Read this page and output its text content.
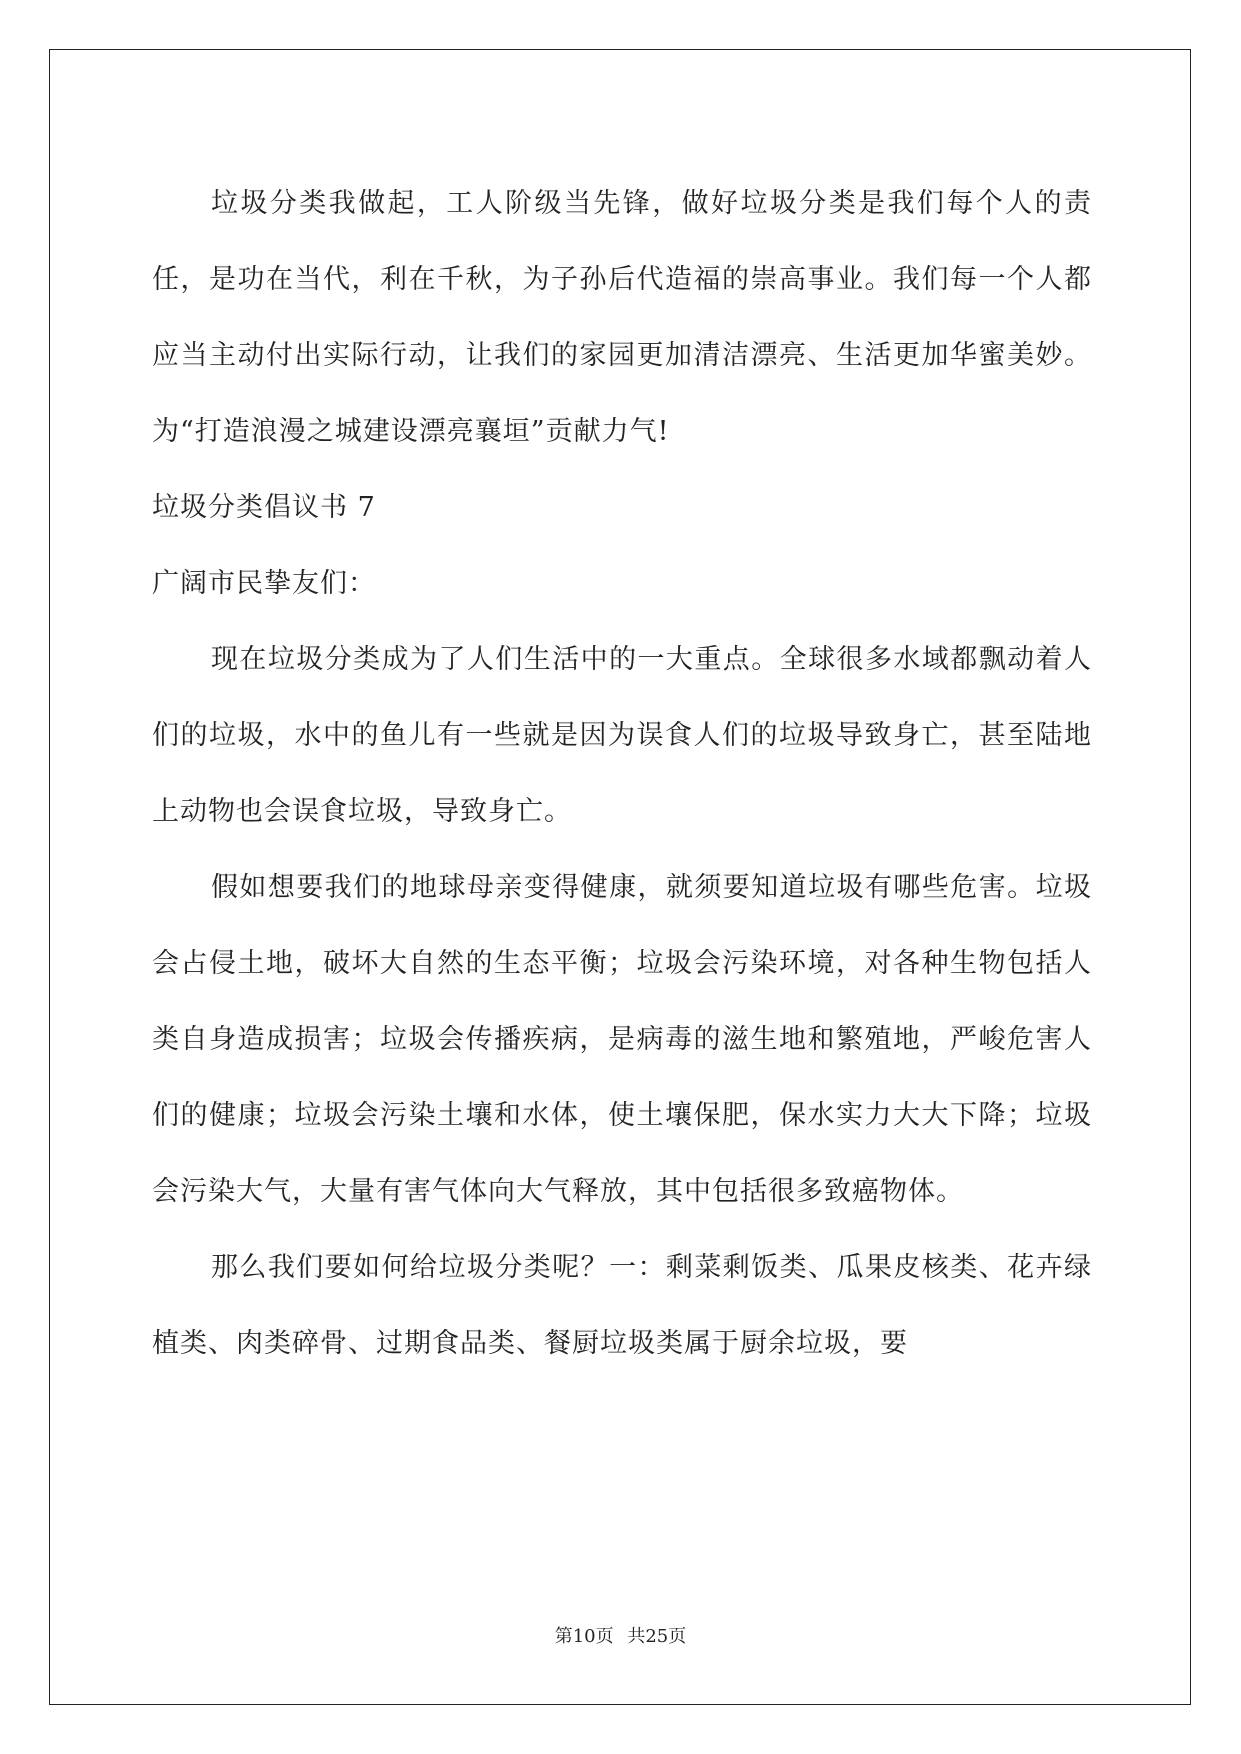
垃圾分类我做起，工人阶级当先锋，做好垃圾分类是我们每个人的责任，是功在当代，利在千秋，为子孙后代造福的崇高事业。我们每一个人都应当主动付出实际行动，让我们的家园更加清洁漂亮、生活更加华蜜美妙。为“打造浪漫之城建设漂亮襄垣”贡献力气!

垃圾分类倡议书 7

广阔市民挚友们：

现在垃圾分类成为了人们生活中的一大重点。全球很多水域都飘动着人们的垃圾，水中的鱼儿有一些就是因为误食人们的垃圾导致身亡，甚至陆地上动物也会误食垃圾，导致身亡。

假如想要我们的地球母亲变得健康，就须要知道垃圾有哪些危害。垃圾会占侵土地，破坏大自然的生态平衡；垃圾会污染环境，对各种生物包括人类自身造成损害；垃圾会传播疾病，是病毒的滋生地和繁殖地，严峻危害人们的健康；垃圾会污染土壤和水体，使土壤保肥，保水实力大大下降；垃圾会污染大气，大量有害气体向大气释放，其中包括很多致癌物体。

那么我们要如何给垃圾分类呢？一：剩菜剩饭类、瓜果皮核类、花卉绿植类、肉类碎骨、过期食品类、餐厨垃圾类属于厨余垃圾，要

第10页 共25页
